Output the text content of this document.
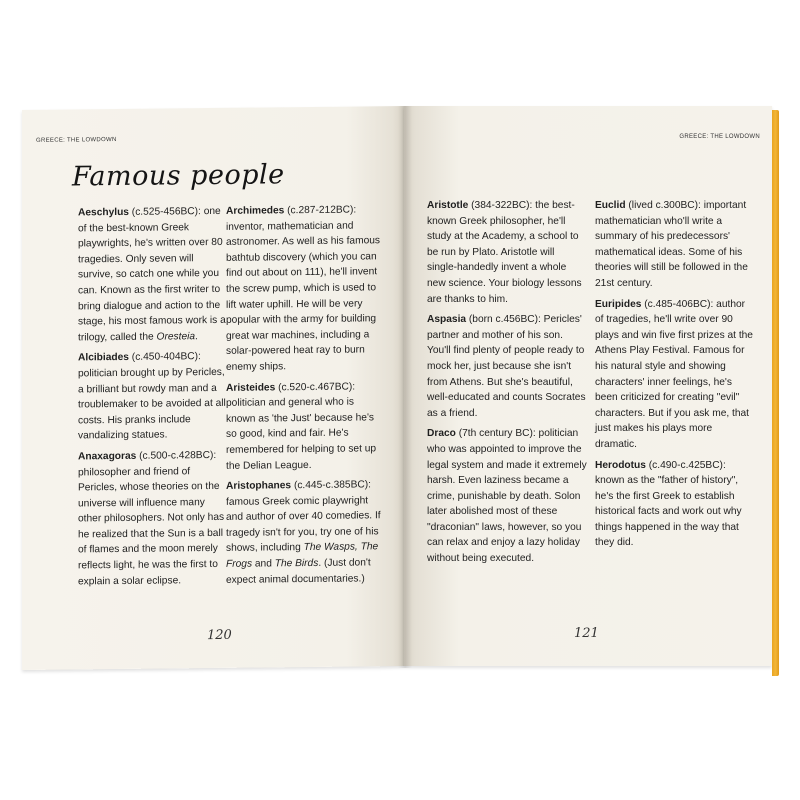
GREECE: THE LOWDOWN
Famous people

Aeschylus (c.525-456BC): one of the best-known Greek playwrights, he's written over 80 tragedies. Only seven will survive, so catch one while you can. Known as the first writer to bring dialogue and action to the stage, his most famous work is a trilogy, called the Oresteia.

Alcibiades (c.450-404BC): politician brought up by Pericles, a brilliant but rowdy man and a troublemaker to be avoided at all costs. His pranks include vandalizing statues.

Anaxagoras (c.500-c.428BC): philosopher and friend of Pericles, whose theories on the universe will influence many other philosophers. Not only has he realized that the Sun is a ball of flames and the moon merely reflects light, he was the first to explain a solar eclipse.

Archimedes (c.287-212BC): inventor, mathematician and astronomer. As well as his famous bathtub discovery (which you can find out about on 111), he'll invent the screw pump, which is used to lift water uphill. He will be very popular with the army for building great war machines, including a solar-powered heat ray to burn enemy ships.

Aristeides (c.520-c.467BC): politician and general who is known as 'the Just' because he's so good, kind and fair. He's remembered for helping to set up the Delian League.

Aristophanes (c.445-c.385BC): famous Greek comic playwright and author of over 40 comedies. If tragedy isn't for you, try one of his shows, including The Wasps, The Frogs and The Birds. (Just don't expect animal documentaries.)

120
GREECE: THE LOWDOWN

Aristotle (384-322BC): the best-known Greek philosopher, he'll study at the Academy, a school to be run by Plato. Aristotle will single-handedly invent a whole new science. Your biology lessons are thanks to him.

Aspasia (born c.456BC): Pericles' partner and mother of his son. You'll find plenty of people ready to mock her, just because she isn't from Athens. But she's beautiful, well-educated and counts Socrates as a friend.

Draco (7th century BC): politician who was appointed to improve the legal system and made it extremely harsh. Even laziness became a crime, punishable by death. Solon later abolished most of these "draconian" laws, however, so you can relax and enjoy a lazy holiday without being executed.

Euclid (lived c.300BC): important mathematician who'll write a summary of his predecessors' mathematical ideas. Some of his theories will still be followed in the 21st century.

Euripides (c.485-406BC): author of tragedies, he'll write over 90 plays and win five first prizes at the Athens Play Festival. Famous for his natural style and showing characters' inner feelings, he's been criticized for creating "evil" characters. But if you ask me, that just makes his plays more dramatic.

Herodotus (c.490-c.425BC): known as the "father of history", he's the first Greek to establish historical facts and work out why things happened in the way that they did.

121
